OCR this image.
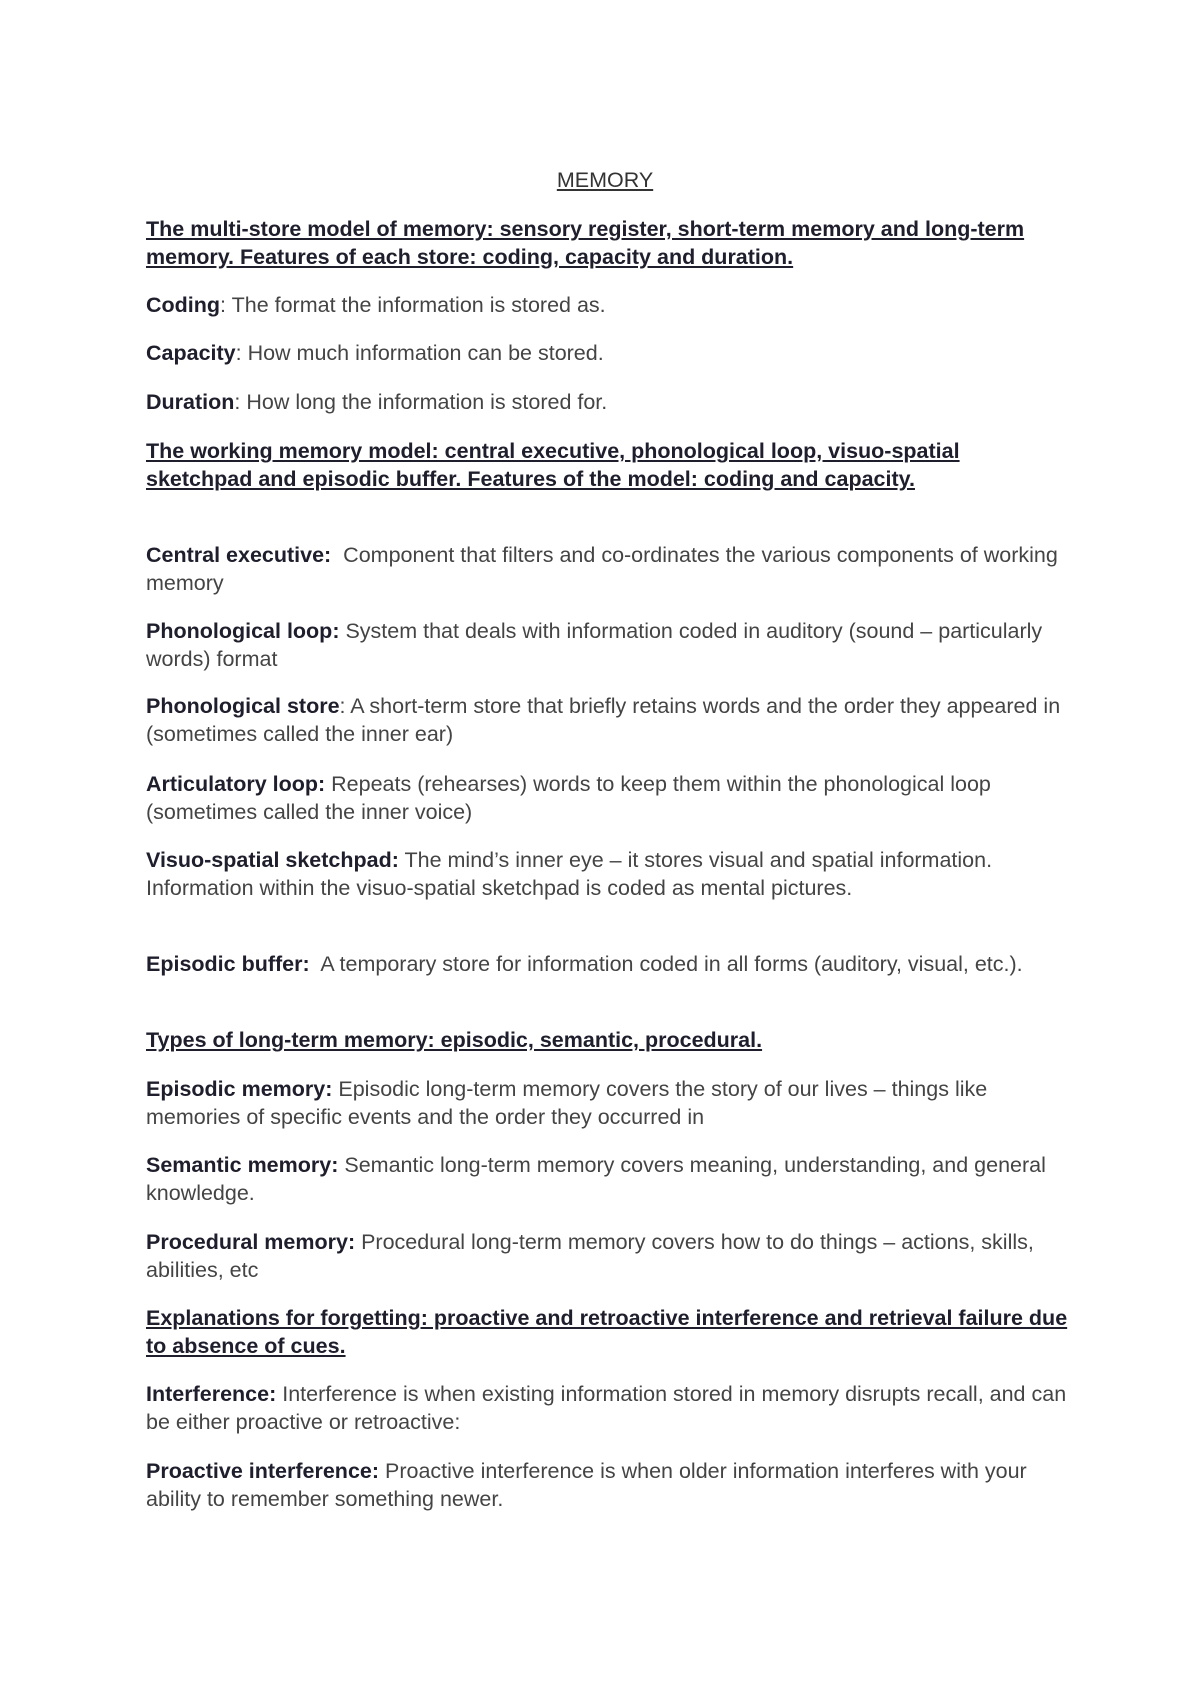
MEMORY
The multi-store model of memory: sensory register, short-term memory and long-term memory. Features of each store: coding, capacity and duration.
Coding: The format the information is stored as.
Capacity: How much information can be stored.
Duration: How long the information is stored for.
The working memory model: central executive, phonological loop, visuo-spatial sketchpad and episodic buffer. Features of the model: coding and capacity.
Central executive: Component that filters and co-ordinates the various components of working memory
Phonological loop: System that deals with information coded in auditory (sound – particularly words) format
Phonological store: A short-term store that briefly retains words and the order they appeared in (sometimes called the inner ear)
Articulatory loop: Repeats (rehearses) words to keep them within the phonological loop (sometimes called the inner voice)
Visuo-spatial sketchpad: The mind’s inner eye – it stores visual and spatial information. Information within the visuo-spatial sketchpad is coded as mental pictures.
Episodic buffer: A temporary store for information coded in all forms (auditory, visual, etc.).
Types of long-term memory: episodic, semantic, procedural.
Episodic memory: Episodic long-term memory covers the story of our lives – things like memories of specific events and the order they occurred in
Semantic memory: Semantic long-term memory covers meaning, understanding, and general knowledge.
Procedural memory: Procedural long-term memory covers how to do things – actions, skills, abilities, etc
Explanations for forgetting: proactive and retroactive interference and retrieval failure due to absence of cues.
Interference: Interference is when existing information stored in memory disrupts recall, and can be either proactive or retroactive:
Proactive interference: Proactive interference is when older information interferes with your ability to remember something newer.
